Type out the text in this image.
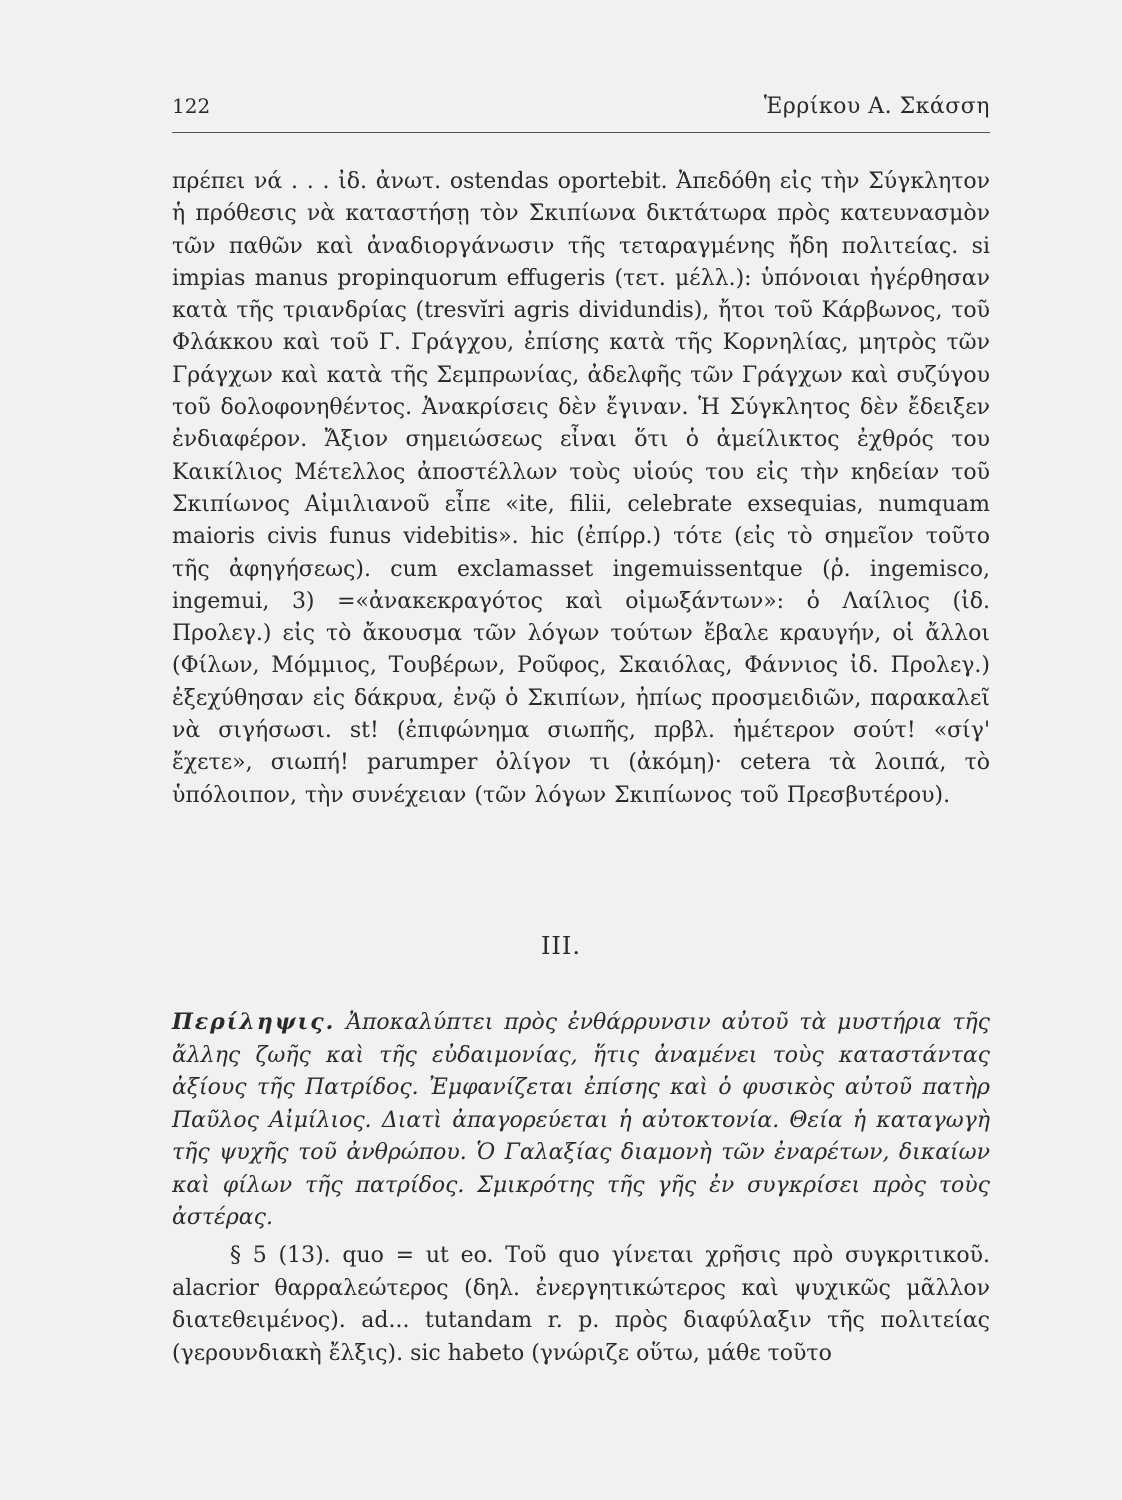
122	Ἑρρίκου Α. Σκάσση

πρέπει νά . . . ἰδ. ἀνωτ. ostendas oportebit. Ἀπεδόθη εἰς τὴν Σύγκλητον ἡ πρόθεσις νὰ καταστήσῃ τὸν Σκιπίωνα δικτάτωρα πρὸς κατευνασμὸν τῶν παθῶν καὶ ἀναδιοργάνωσιν τῆς τεταραγμένης ἤδη πολιτείας. si impias manus propinquorum effugeris (τετ. μέλλ.): ὑπόνοιαι ἠγέρθησαν κατὰ τῆς τριανδρίας (tresvĭri agris dividundis), ἤτοι τοῦ Κάρβωνος, τοῦ Φλάκκου καὶ τοῦ Γ. Γράγχου, ἐπίσης κατὰ τῆς Κορνηλίας, μητρὸς τῶν Γράγχων καὶ κατὰ τῆς Σεμπρωνίας, ἀδελφῆς τῶν Γράγχων καὶ συζύγου τοῦ δολοφονηθέντος. Ἀνακρίσεις δὲν ἔγιναν. Ἡ Σύγκλητος δὲν ἔδειξεν ἐνδιαφέρον. Ἄξιον σημειώσεως εἶναι ὅτι ὁ ἀμείλικτος ἐχθρός του Καικίλιος Μέτελλος ἀποστέλλων τοὺς υἱούς του εἰς τὴν κηδείαν τοῦ Σκιπίωνος Αἰμιλιανοῦ εἶπε «ite, filii, celebrate exsequias, numquam maioris civis funus videbitis». hic (ἐπίρρ.) τότε (εἰς τὸ σημεῖον τοῦτο τῆς ἀφηγήσεως). cum exclamasset ingemuissentque (ῥ. ingemisco, ingemui, 3) =«ἀνακεκραγότος καὶ οἰμωξάντων»: ὁ Λαίλιος (ἰδ. Προλεγ.) εἰς τὸ ἄκουσμα τῶν λόγων τούτων ἔβαλε κραυγήν, οἱ ἄλλοι (Φίλων, Μόμμιος, Τουβέρων, Ροῦφος, Σκαιόλας, Φάννιος ἰδ. Προλεγ.) ἐξεχύθησαν εἰς δάκρυα, ἐνῷ ὁ Σκιπίων, ἠπίως προσμειδιῶν, παρακαλεῖ νὰ σιγήσωσι. st! (ἐπιφώνημα σιωπῆς, πρβλ. ἡμέτερον σούτ! «σίγ' ἔχετε», σιωπή! parumper ὀλίγον τι (ἀκόμη)· cetera τὰ λοιπά, τὸ ὑπόλοιπον, τὴν συνέχειαν (τῶν λόγων Σκιπίωνος τοῦ Πρεσβυτέρου).

III.
Περίληψις. Ἀποκαλύπτει πρὸς ἐνθάρρυνσιν αὐτοῦ τὰ μυστήρια τῆς ἄλλης ζωῆς καὶ τῆς εὐδαιμονίας, ἥτις ἀναμένει τοὺς καταστάντας ἀξίους τῆς Πατρίδος. Ἐμφανίζεται ἐπίσης καὶ ὁ φυσικὸς αὐτοῦ πατὴρ Παῦλος Αἰμίλιος. Διατὶ ἀπαγορεύεται ἡ αὐτοκτονία. Θεία ἡ καταγωγὴ τῆς ψυχῆς τοῦ ἀνθρώπου. Ὁ Γαλαξίας διαμονὴ τῶν ἐναρέτων, δικαίων καὶ φίλων τῆς πατρίδος. Σμικρότης τῆς γῆς ἐν συγκρίσει πρὸς τοὺς ἀστέρας.

§ 5 (13). quo = ut eo. Τοῦ quo γίνεται χρῆσις πρὸ συγκριτικοῦ. alacrior θαρραλεώτερος (δηλ. ἐνεργητικώτερος καὶ ψυχικῶς μᾶλλον διατεθειμένος). ad... tutandam r. p. πρὸς διαφύλαξιν τῆς πολιτείας (γερουνδιακὴ ἔλξις). sic habeto (γνώριζε οὕτω, μάθε τοῦτο
